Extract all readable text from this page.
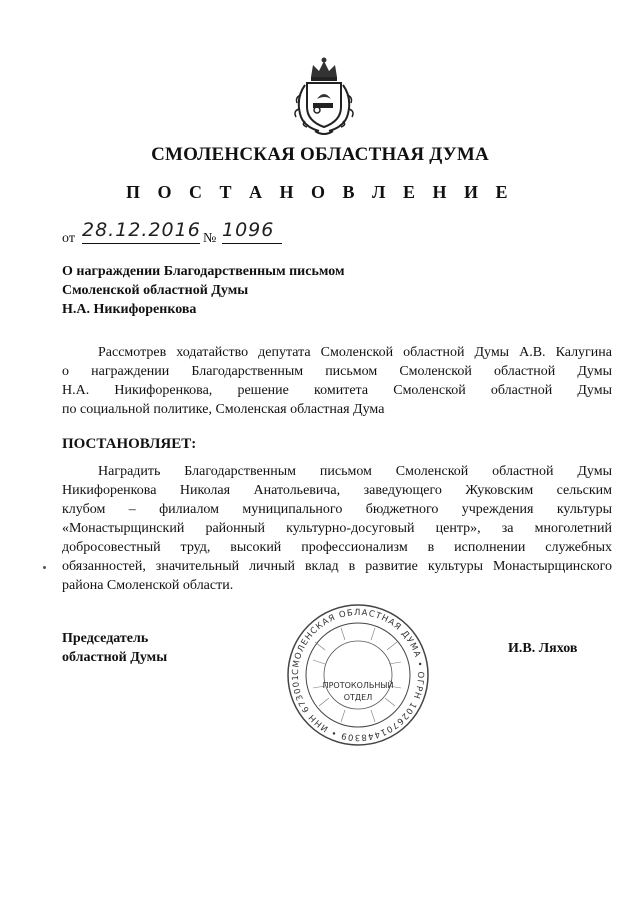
СМОЛЕНСКАЯ ОБЛАСТНАЯ ДУМА
П О С Т А Н О В Л Е Н И Е
от 28.12.2016 № 1096
О награждении Благодарственным письмом
Смоленской областной Думы
Н.А. Никифоренкова
Рассмотрев ходатайство депутата Смоленской областной Думы А.В. Калугина
о награждении Благодарственным письмом Смоленской областной Думы
Н.А. Никифоренкова, решение комитета Смоленской областной Думы
по социальной политике, Смоленская областная Дума
ПОСТАНОВЛЯЕТ:
Наградить Благодарственным письмом Смоленской областной Думы
Никифоренкова Николая Анатольевича, заведующего Жуковским сельским
клубом – филиалом муниципального бюджетного учреждения культуры
«Монастырщинский районный культурно-досуговый центр», за многолетний
добросовестный труд, высокий профессионализм в исполнении служебных
обязанностей, значительный личный вклад в развитие культуры Монастырщинского
района Смоленской области.
Председатель
областной Думы
СМОЛЕНСКАЯ ОБЛАСТНАЯ ДУМА • ОГРН 1026701448309 • ИНН 673001
ПРОТОКОЛЬНЫЙ
ОТДЕЛ
И.В. Ляхов
